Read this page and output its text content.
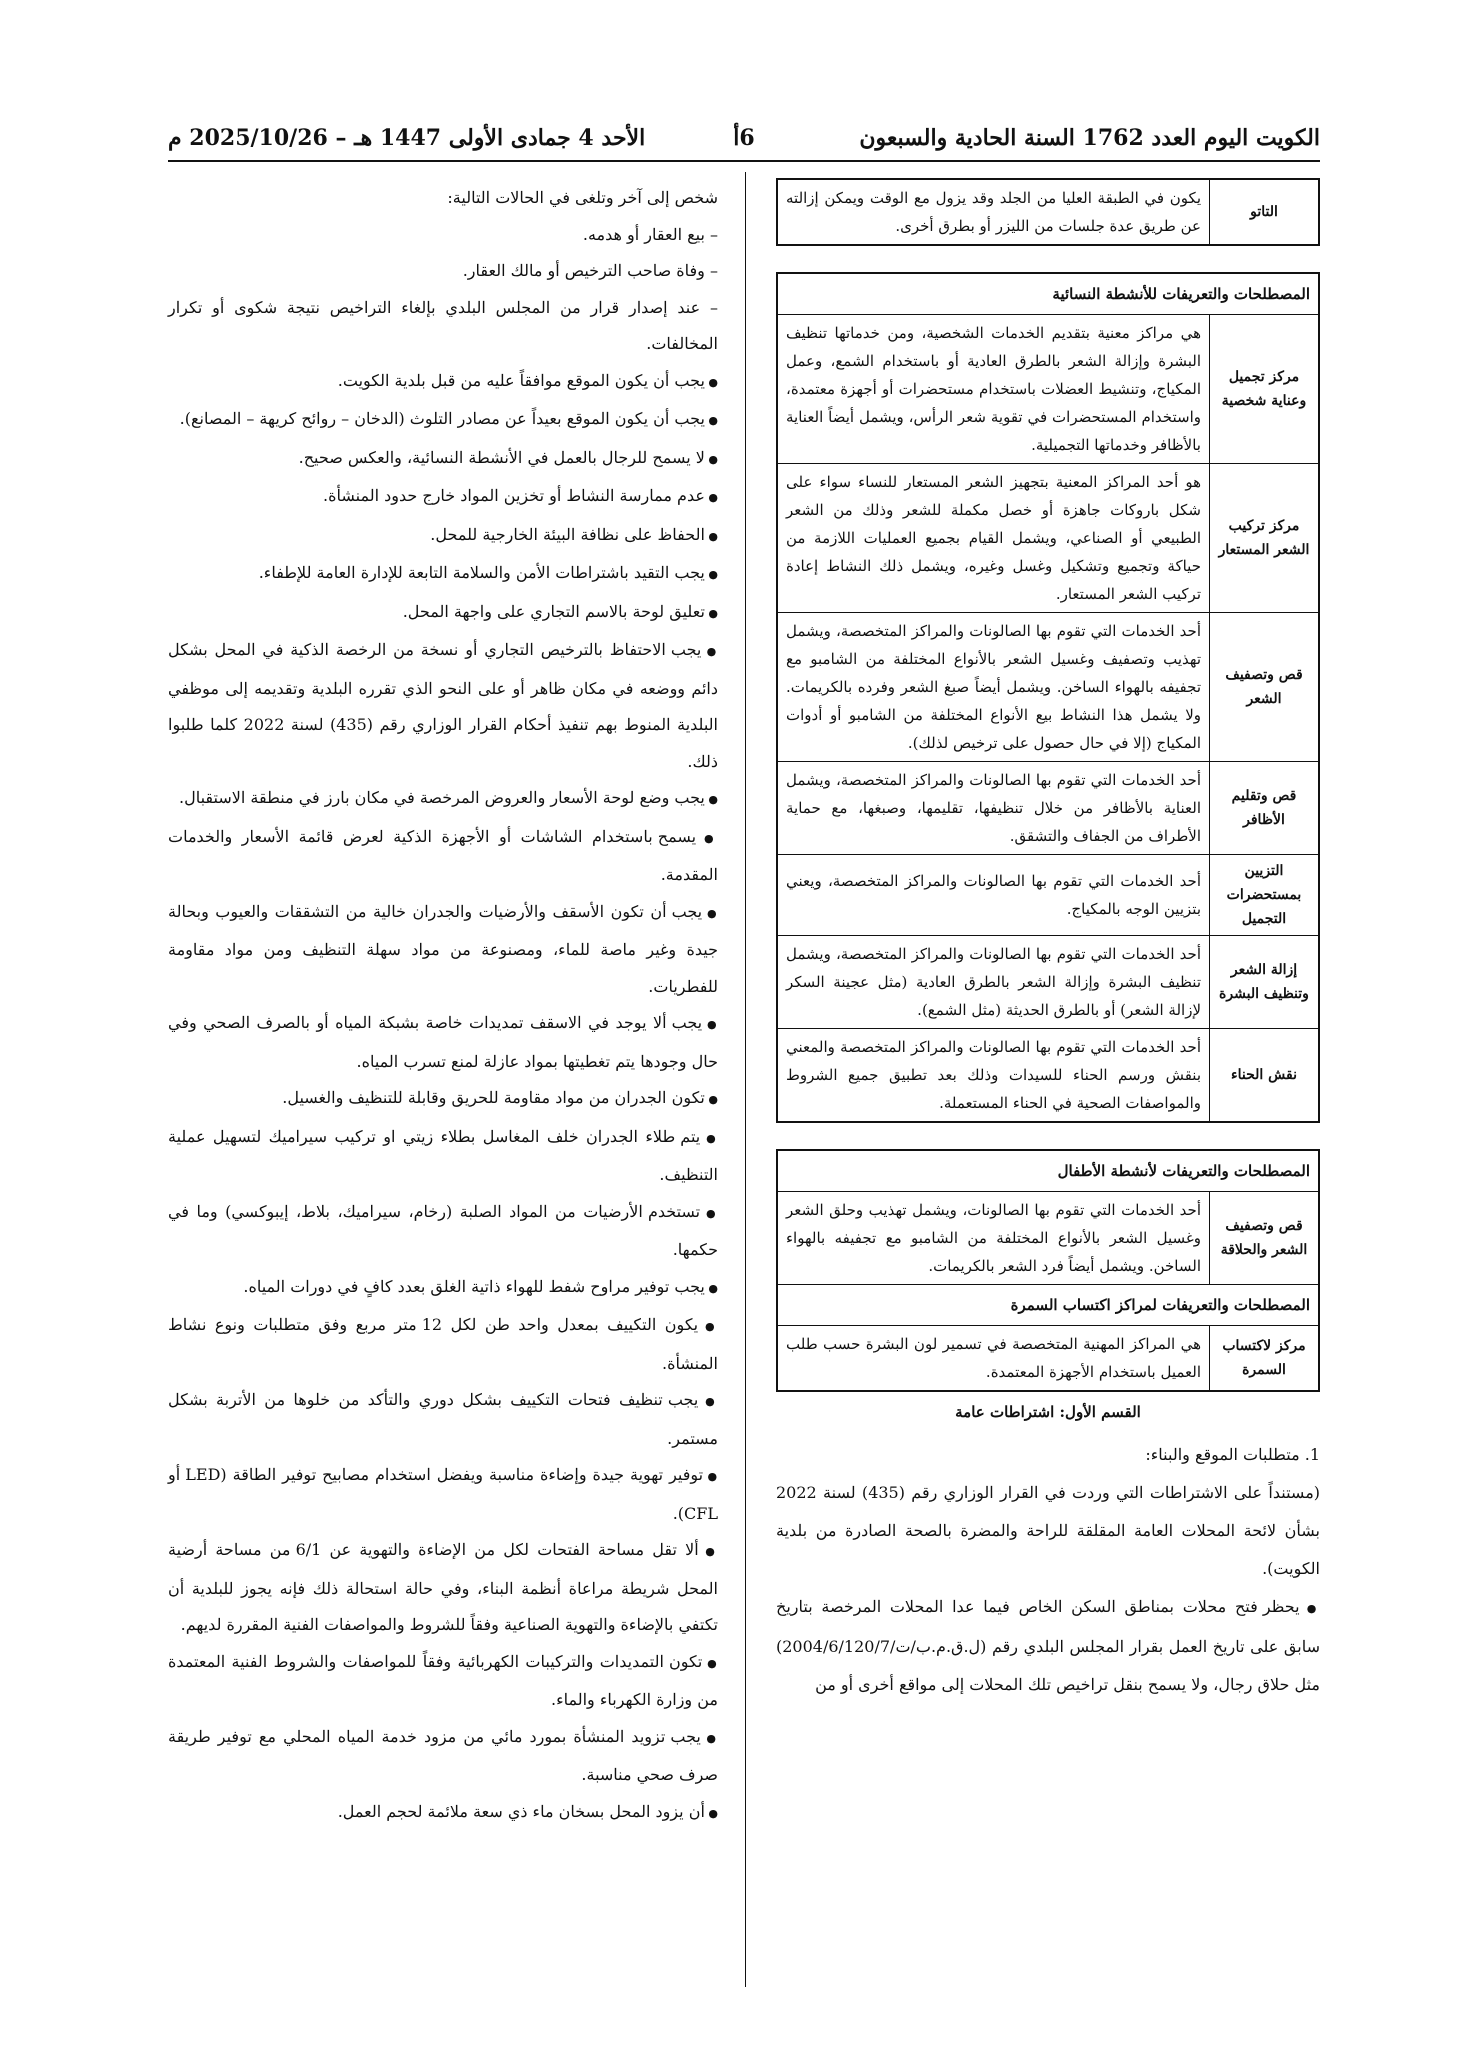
الكويت اليوم العدد 1762 السنة الحادية والسبعون
6أ
الأحد 4 جمادى الأولى 1447 هـ – 2025/10/26 م
التاتو	يكون في الطبقة العليا من الجلد وقد يزول مع الوقت ويمكن إزالته عن طريق عدة جلسات من الليزر أو بطرق أخرى.
المصطلحات والتعريفات للأنشطة النسائية	
مركز تجميل وعناية شخصية	هي مراكز معنية بتقديم الخدمات الشخصية، ومن خدماتها تنظيف البشرة وإزالة الشعر بالطرق العادية أو باستخدام الشمع، وعمل المكياج، وتنشيط العضلات باستخدام مستحضرات أو أجهزة معتمدة، واستخدام المستحضرات في تقوية شعر الرأس، ويشمل أيضاً العناية بالأظافر وخدماتها التجميلية.
مركز تركيب الشعر المستعار	هو أحد المراكز المعنية بتجهيز الشعر المستعار للنساء سواء على شكل باروكات جاهزة أو خصل مكملة للشعر وذلك من الشعر الطبيعي أو الصناعي، ويشمل القيام بجميع العمليات اللازمة من حياكة وتجميع وتشكيل وغسل وغيره، ويشمل ذلك النشاط إعادة تركيب الشعر المستعار.
قص وتصفيف الشعر	أحد الخدمات التي تقوم بها الصالونات والمراكز المتخصصة، ويشمل تهذيب وتصفيف وغسيل الشعر بالأنواع المختلفة من الشامبو مع تجفيفه بالهواء الساخن. ويشمل أيضاً صبغ الشعر وفرده بالكريمات. ولا يشمل هذا النشاط بيع الأنواع المختلفة من الشامبو أو أدوات المكياج (إلا في حال حصول على ترخيص لذلك).
قص وتقليم الأظافر	أحد الخدمات التي تقوم بها الصالونات والمراكز المتخصصة، ويشمل العناية بالأظافر من خلال تنظيفها، تقليمها، وصبغها، مع حماية الأطراف من الجفاف والتشقق.
التزيين بمستحضرات التجميل	أحد الخدمات التي تقوم بها الصالونات والمراكز المتخصصة، ويعني بتزيين الوجه بالمكياج.
إزالة الشعر وتنظيف البشرة	أحد الخدمات التي تقوم بها الصالونات والمراكز المتخصصة، ويشمل تنظيف البشرة وإزالة الشعر بالطرق العادية (مثل عجينة السكر لإزالة الشعر) أو بالطرق الحديثة (مثل الشمع).
نقش الحناء	أحد الخدمات التي تقوم بها الصالونات والمراكز المتخصصة والمعني بنقش ورسم الحناء للسيدات وذلك بعد تطبيق جميع الشروط والمواصفات الصحية في الحناء المستعملة.
المصطلحات والتعريفات لأنشطة الأطفال	
قص وتصفيف الشعر والحلاقة	أحد الخدمات التي تقوم بها الصالونات، ويشمل تهذيب وحلق الشعر وغسيل الشعر بالأنواع المختلفة من الشامبو مع تجفيفه بالهواء الساخن. ويشمل أيضاً فرد الشعر بالكريمات.
المصطلحات والتعريفات لمراكز اكتساب السمرة	
مركز لاكتساب السمرة	هي المراكز المهنية المتخصصة في تسمير لون البشرة حسب طلب العميل باستخدام الأجهزة المعتمدة.
القسم الأول: اشتراطات عامة

1. متطلبات الموقع والبناء:

(مستنداً على الاشتراطات التي وردت في القرار الوزاري رقم (435) لسنة 2022 بشأن لائحة المحلات العامة المقلقة للراحة والمضرة بالصحة الصادرة من بلدية الكويت).

● يحظر فتح محلات بمناطق السكن الخاص فيما عدا المحلات المرخصة بتاريخ سابق على تاريخ العمل بقرار المجلس البلدي رقم (ل.ق.م.ب/ت/2004/6/120/7) مثل حلاق رجال، ولا يسمح بنقل تراخيص تلك المحلات إلى مواقع أخرى أو من

شخص إلى آخر وتلغى في الحالات التالية:

– بيع العقار أو هدمه.

– وفاة صاحب الترخيص أو مالك العقار.

– عند إصدار قرار من المجلس البلدي بإلغاء التراخيص نتيجة شكوى أو تكرار المخالفات.

● يجب أن يكون الموقع موافقاً عليه من قبل بلدية الكويت.

● يجب أن يكون الموقع بعيداً عن مصادر التلوث (الدخان – روائح كريهة – المصانع).

● لا يسمح للرجال بالعمل في الأنشطة النسائية، والعكس صحيح.

● عدم ممارسة النشاط أو تخزين المواد خارج حدود المنشأة.

● الحفاظ على نظافة البيئة الخارجية للمحل.

● يجب التقيد باشتراطات الأمن والسلامة التابعة للإدارة العامة للإطفاء.

● تعليق لوحة بالاسم التجاري على واجهة المحل.

● يجب الاحتفاظ بالترخيص التجاري أو نسخة من الرخصة الذكية في المحل بشكل دائم ووضعه في مكان ظاهر أو على النحو الذي تقرره البلدية وتقديمه إلى موظفي البلدية المنوط بهم تنفيذ أحكام القرار الوزاري رقم (435) لسنة 2022 كلما طلبوا ذلك.

● يجب وضع لوحة الأسعار والعروض المرخصة في مكان بارز في منطقة الاستقبال.

● يسمح باستخدام الشاشات أو الأجهزة الذكية لعرض قائمة الأسعار والخدمات المقدمة.

● يجب أن تكون الأسقف والأرضيات والجدران خالية من التشققات والعيوب وبحالة جيدة وغير ماصة للماء، ومصنوعة من مواد سهلة التنظيف ومن مواد مقاومة للفطريات.

● يجب ألا يوجد في الاسقف تمديدات خاصة بشبكة المياه أو بالصرف الصحي وفي حال وجودها يتم تغطيتها بمواد عازلة لمنع تسرب المياه.

● تكون الجدران من مواد مقاومة للحريق وقابلة للتنظيف والغسيل.

● يتم طلاء الجدران خلف المغاسل بطلاء زيتي او تركيب سيراميك لتسهيل عملية التنظيف.

● تستخدم الأرضيات من المواد الصلبة (رخام، سيراميك، بلاط، إيبوكسي) وما في حكمها.

● يجب توفير مراوح شفط للهواء ذاتية الغلق بعدد كافٍ في دورات المياه.

● يكون التكييف بمعدل واحد طن لكل 12 متر مربع وفق متطلبات ونوع نشاط المنشأة.

● يجب تنظيف فتحات التكييف بشكل دوري والتأكد من خلوها من الأتربة بشكل مستمر.

● توفير تهوية جيدة وإضاءة مناسبة ويفضل استخدام مصابيح توفير الطاقة (LED أو CFL).

● ألا تقل مساحة الفتحات لكل من الإضاءة والتهوية عن 6/1 من مساحة أرضية المحل شريطة مراعاة أنظمة البناء، وفي حالة استحالة ذلك فإنه يجوز للبلدية أن تكتفي بالإضاءة والتهوية الصناعية وفقاً للشروط والمواصفات الفنية المقررة لديهم.

● تكون التمديدات والتركيبات الكهربائية وفقاً للمواصفات والشروط الفنية المعتمدة من وزارة الكهرباء والماء.

● يجب تزويد المنشأة بمورد مائي من مزود خدمة المياه المحلي مع توفير طريقة صرف صحي مناسبة.

● أن يزود المحل بسخان ماء ذي سعة ملائمة لحجم العمل.
